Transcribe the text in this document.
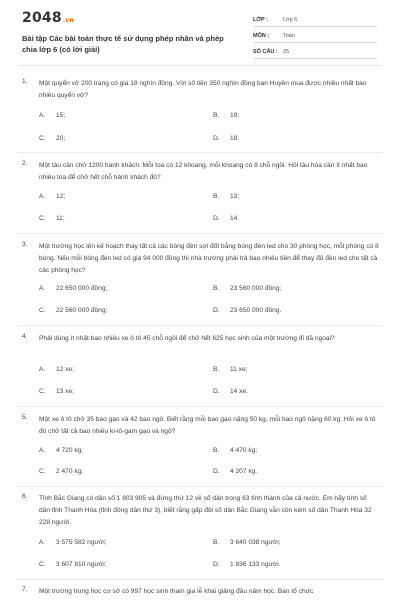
2048.vn
Bài tập Các bài toán thực tế sử dụng phép nhân và phép chia lớp 6 (có lời giải)
LỚP :	Lớp 6
MÔN :	Toán
SỐ CÂU : 25
1. Một quyển vở 200 trang có giá 18 nghìn đồng. Với số tiền 350 nghìn đồng bạn Huyền mua được nhiều nhất bao nhiêu quyển vở?
A. 15;	B. 19;
C. 20;	D. 18.
2. Một tàu cần chở 1200 hành khách. Mỗi toa có 12 khoang, mỗi khoang có 8 chỗ ngồi. Hỏi tàu hỏa cần ít nhất bao nhiêu toa để chở hết chỗ hành khách đó?
A. 12;	B. 13;
C. 11;	D. 14.
3. Một trường học lên kế hoạch thay tất cả các bóng đèn sợi đốt bằng bóng đèn led cho 30 phòng học, mỗi phòng có 8 bóng. Nếu mỗi bóng đèn led có giá 94 000 đồng thì nhà trường phải trả bao nhiêu tiền để thay đủ đèn led cho tất cả các phòng học?
A. 22 650 000 đồng;	B. 23 560 000 đồng;
C. 22 560 000 đồng;	D. 23 650 000 đồng.
4. Phải dùng ít nhất bao nhiêu xe ô tô 45 chỗ ngồi để chở hết 625 học sinh của một trường đi dã ngoại?
A. 12 xe;	B. 11 xe;
C. 13 xe;	D. 14 xe.
5. Một xe ô tô chở 35 bao gạo và 42 bao ngô. Biết rằng mỗi bao gạo nặng 50 kg, mỗi bao ngô nặng 60 kg. Hỏi xe ô tô đó chở tất cả bao nhiêu ki-lô-gam gạo và ngô?
A. 4 720 kg;	B. 4 470 kg;
C. 2 470 kg;	D. 4 207 kg.
6. Tỉnh Bắc Giang có dân số 1 803 905 và đứng thứ 12 về số dân trong 63 tỉnh thành của cả nước. Em hãy tính số dân tỉnh Thanh Hóa (tỉnh đông dân thứ 3), biết rằng gấp đôi số dân Bắc Giang vẫn còn kém số dân Thanh Hóa 32 228 người.
A. 3 575 582 người;	B. 3 640 038 người;
C. 3 607 810 người;	D. 1 836 133 người.
7. Một trường trung học cơ sở có 997 học sinh tham gia lễ khai giảng đầu năm học. Ban tổ chức
